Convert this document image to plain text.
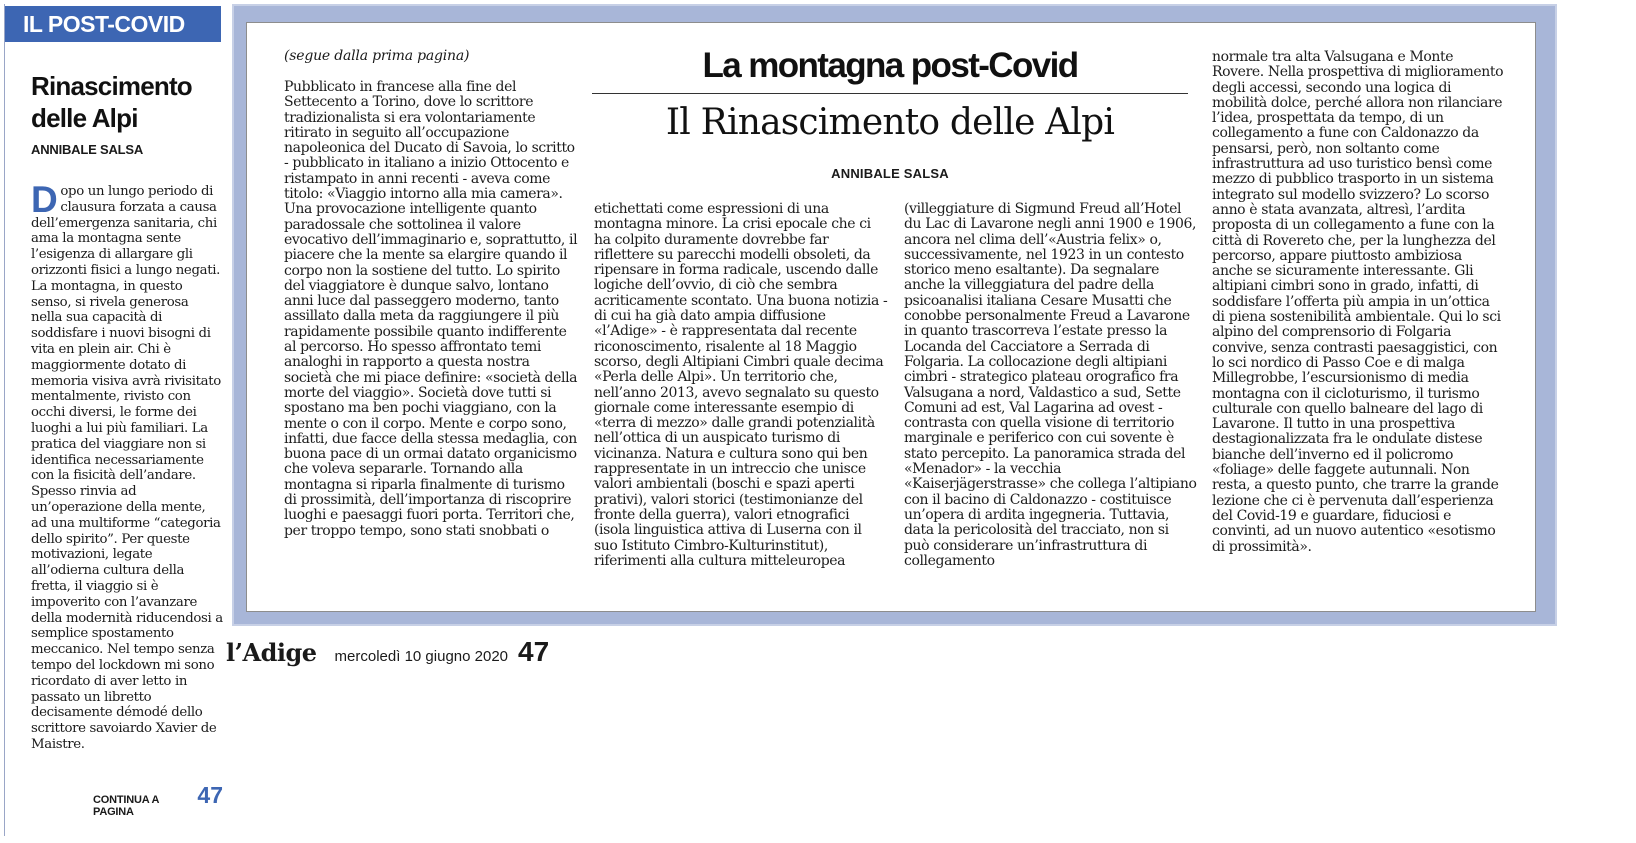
IL POST-COVID
Rinascimento delle Alpi
ANNIBALE SALSA

Dopo un lungo periodo di clausura forzata a causa dell’emergenza sanitaria, chi ama la montagna sente l’esigenza di allargare gli orizzonti fisici a lungo negati. La montagna, in questo senso, si rivela generosa nella sua capacità di soddisfare i nuovi bisogni di vita en plein air. Chi è maggiormente dotato di memoria visiva avrà rivisitato mentalmente, rivisto con occhi diversi, le forme dei luoghi a lui più familiari. La pratica del viaggiare non si identifica necessariamente con la fisicità dell’andare. Spesso rinvia ad un’operazione della mente, ad una multiforme “categoria dello spirito”. Per queste motivazioni, legate all’odierna cultura della fretta, il viaggio si è impoverito con l’avanzare della modernità riducendosi a semplice spostamento meccanico. Nel tempo senza tempo del lockdown mi sono ricordato di aver letto in passato un libretto decisamente démodé dello scrittore savoiardo Xavier de Maistre.

CONTINUA A PAGINA
47
(segue dalla prima pagina)

Pubblicato in francese alla fine del Settecento a Torino, dove lo scrittore tradizionalista si era volontariamente ritirato in seguito all’occupazione napoleonica del Ducato di Savoia, lo scritto - pubblicato in italiano a inizio Ottocento e ristampato in anni recenti - aveva come titolo: «Viaggio intorno alla mia camera». Una provocazione intelligente quanto paradossale che sottolinea il valore evocativo dell’immaginario e, soprattutto, il piacere che la mente sa elargire quando il corpo non la sostiene del tutto. Lo spirito del viaggiatore è dunque salvo, lontano anni luce dal passeggero moderno, tanto assillato dalla meta da raggiungere il più rapidamente possibile quanto indifferente al percorso. Ho spesso affrontato temi analoghi in rapporto a questa nostra società che mi piace definire: «società della morte del viaggio». Società dove tutti si spostano ma ben pochi viaggiano, con la mente o con il corpo. Mente e corpo sono, infatti, due facce della stessa medaglia, con buona pace di un ormai datato organicismo che voleva separarle. Tornando alla montagna si riparla finalmente di turismo di prossimità, dell’importanza di riscoprire luoghi e paesaggi fuori porta. Territori che, per troppo tempo, sono stati snobbati o

La montagna post-Covid
Il Rinascimento delle Alpi
ANNIBALE SALSA

etichettati come espressioni di una montagna minore. La crisi epocale che ci ha colpito duramente dovrebbe far riflettere su parecchi modelli obsoleti, da ripensare in forma radicale, uscendo dalle logiche dell’ovvio, di ciò che sembra acriticamente scontato. Una buona notizia - di cui ha già dato ampia diffusione «l’Adige» - è rappresentata dal recente riconoscimento, risalente al 18 Maggio scorso, degli Altipiani Cimbri quale decima «Perla delle Alpi». Un territorio che, nell’anno 2013, avevo segnalato su questo giornale come interessante esempio di «terra di mezzo» dalle grandi potenzialità nell’ottica di un auspicato turismo di vicinanza. Natura e cultura sono qui ben rappresentate in un intreccio che unisce valori ambientali (boschi e spazi aperti prativi), valori storici (testimonianze del fronte della guerra), valori etnografici (isola linguistica attiva di Luserna con il suo Istituto Cimbro-Kulturinstitut), riferimenti alla cultura mitteleuropea

(villeggiature di Sigmund Freud all’Hotel du Lac di Lavarone negli anni 1900 e 1906, ancora nel clima dell’«Austria felix» o, successivamente, nel 1923 in un contesto storico meno esaltante). Da segnalare anche la villeggiatura del padre della psicoanalisi italiana Cesare Musatti che conobbe personalmente Freud a Lavarone in quanto trascorreva l’estate presso la Locanda del Cacciatore a Serrada di Folgaria. La collocazione degli altipiani cimbri - strategico plateau orografico fra Valsugana a nord, Valdastico a sud, Sette Comuni ad est, Val Lagarina ad ovest - contrasta con quella visione di territorio marginale e periferico con cui sovente è stato percepito. La panoramica strada del «Menador» - la vecchia «Kaiserjägerstrasse» che collega l’altipiano con il bacino di Caldonazzo - costituisce un’opera di ardita ingegneria. Tuttavia, data la pericolosità del tracciato, non si può considerare un’infrastruttura di collegamento

normale tra alta Valsugana e Monte Rovere. Nella prospettiva di miglioramento degli accessi, secondo una logica di mobilità dolce, perché allora non rilanciare l’idea, prospettata da tempo, di un collegamento a fune con Caldonazzo da pensarsi, però, non soltanto come infrastruttura ad uso turistico bensì come mezzo di pubblico trasporto in un sistema integrato sul modello svizzero? Lo scorso anno è stata avanzata, altresì, l’ardita proposta di un collegamento a fune con la città di Rovereto che, per la lunghezza del percorso, appare piuttosto ambiziosa anche se sicuramente interessante. Gli altipiani cimbri sono in grado, infatti, di soddisfare l’offerta più ampia in un’ottica di piena sostenibilità ambientale. Qui lo sci alpino del comprensorio di Folgaria convive, senza contrasti paesaggistici, con lo sci nordico di Passo Coe e di malga Millegrobbe, l’escursionismo di media montagna con il cicloturismo, il turismo culturale con quello balneare del lago di Lavarone. Il tutto in una prospettiva destagionalizzata fra le ondulate distese bianche dell’inverno ed il policromo «foliage» delle faggete autunnali. Non resta, a questo punto, che trarre la grande lezione che ci è pervenuta dall’esperienza del Covid-19 e guardare, fiduciosi e convinti, ad un nuovo autentico «esotismo di prossimità».

l’Adige mercoledì 10 giugno 2020 47
